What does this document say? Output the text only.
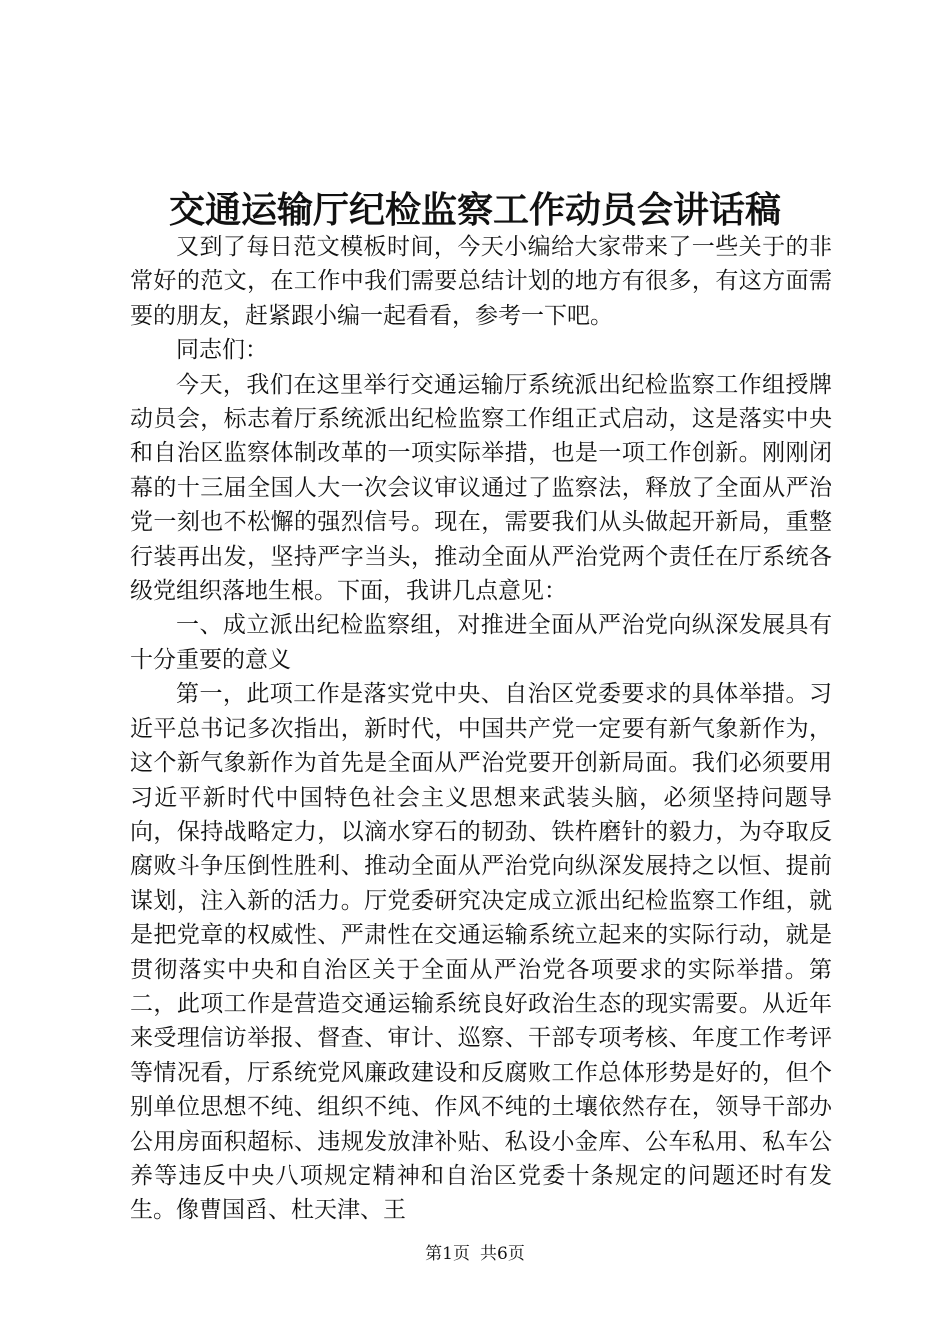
交通运输厅纪检监察工作动员会讲话稿

又到了每日范文模板时间，今天小编给大家带来了一些关于的非常好的范文，在工作中我们需要总结计划的地方有很多，有这方面需要的朋友，赶紧跟小编一起看看，参考一下吧。

同志们：

今天，我们在这里举行交通运输厅系统派出纪检监察工作组授牌动员会，标志着厅系统派出纪检监察工作组正式启动，这是落实中央和自治区监察体制改革的一项实际举措，也是一项工作创新。刚刚闭幕的十三届全国人大一次会议审议通过了监察法，释放了全面从严治党一刻也不松懈的强烈信号。现在，需要我们从头做起开新局，重整行装再出发，坚持严字当头，推动全面从严治党两个责任在厅系统各级党组织落地生根。下面，我讲几点意见：

一、成立派出纪检监察组，对推进全面从严治党向纵深发展具有十分重要的意义

第一，此项工作是落实党中央、自治区党委要求的具体举措。习近平总书记多次指出，新时代，中国共产党一定要有新气象新作为，这个新气象新作为首先是全面从严治党要开创新局面。我们必须要用习近平新时代中国特色社会主义思想来武装头脑，必须坚持问题导向，保持战略定力，以滴水穿石的韧劲、铁杵磨针的毅力，为夺取反腐败斗争压倒性胜利、推动全面从严治党向纵深发展持之以恒、提前谋划，注入新的活力。厅党委研究决定成立派出纪检监察工作组，就是把党章的权威性、严肃性在交通运输系统立起来的实际行动，就是贯彻落实中央和自治区关于全面从严治党各项要求的实际举措。第二，此项工作是营造交通运输系统良好政治生态的现实需要。从近年来受理信访举报、督查、审计、巡察、干部专项考核、年度工作考评等情况看，厅系统党风廉政建设和反腐败工作总体形势是好的，但个别单位思想不纯、组织不纯、作风不纯的土壤依然存在，领导干部办公用房面积超标、违规发放津补贴、私设小金库、公车私用、私车公养等违反中央八项规定精神和自治区党委十条规定的问题还时有发生。像曹国舀、杜天津、王

第1页 共6页
